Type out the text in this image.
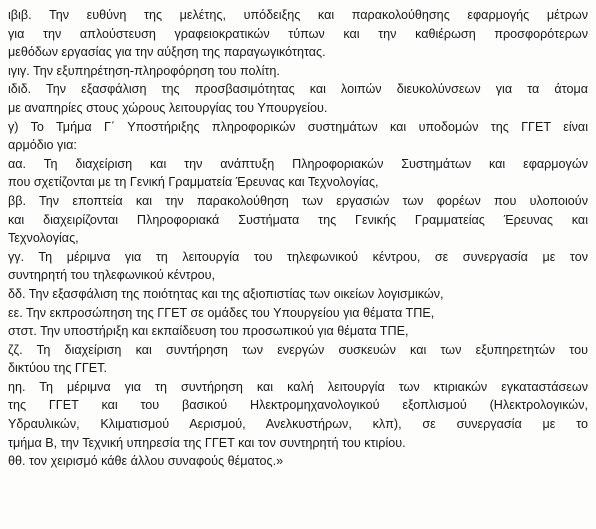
ιβιβ. Την ευθύνη της μελέτης, υπόδειξης και παρακολούθησης εφαρμογής μέτρων
για την απλούστευση γραφειοκρατικών τύπων και την καθιέρωση προσφορότερων
μεθόδων εργασίας για την αύξηση της παραγωγικότητας.
ιγιγ. Την εξυπηρέτηση-πληροφόρηση του πολίτη.
ιδιδ. Την εξασφάλιση της προσβασιμότητας και λοιπών διευκολύνσεων για τα άτομα
με αναπηρίες στους χώρους λειτουργίας του Υπουργείου.
γ) Το Τμήμα Γ΄ Υποστήριξης πληροφορικών συστημάτων και υποδομών της ΓΓΕΤ είναι
αρμόδιο για:
αα. Τη διαχείριση και την ανάπτυξη Πληροφοριακών Συστημάτων και εφαρμογών
που σχετίζονται με τη Γενική Γραμματεία Έρευνας και Τεχνολογίας,
ββ. Την εποπτεία και την παρακολούθηση των εργασιών των φορέων που υλοποιούν
και διαχειρίζονται Πληροφοριακά Συστήματα της Γενικής Γραμματείας Έρευνας και
Τεχνολογίας,
γγ. Τη μέριμνα για τη λειτουργία του τηλεφωνικού κέντρου, σε συνεργασία με τον
συντηρητή του τηλεφωνικού κέντρου,
δδ. Την εξασφάλιση της ποιότητας και της αξιοπιστίας των οικείων λογισμικών,
εε. Την εκπροσώπηση της ΓΓΕΤ σε ομάδες του Υπουργείου για θέματα ΤΠΕ,
στστ. Την υποστήριξη και εκπαίδευση του προσωπικού για θέματα ΤΠΕ,
ζζ. Τη διαχείριση και συντήρηση των ενεργών συσκευών και των εξυπηρετητών του
δικτύου της ΓΓΕΤ.
ηη. Τη μέριμνα για τη συντήρηση και καλή λειτουργία των κτιριακών εγκαταστάσεων
της ΓΓΕΤ και του βασικού Ηλεκτρομηχανολογικού εξοπλισμού (Ηλεκτρολογικών,
Υδραυλικών, Κλιματισμού Αερισμού, Ανελκυστήρων, κλπ), σε συνεργασία με το
τμήμα Β, την Τεχνική υπηρεσία της ΓΓΕΤ και τον συντηρητή του κτιρίου.
θθ. τον χειρισμό κάθε άλλου συναφούς θέματος.»
